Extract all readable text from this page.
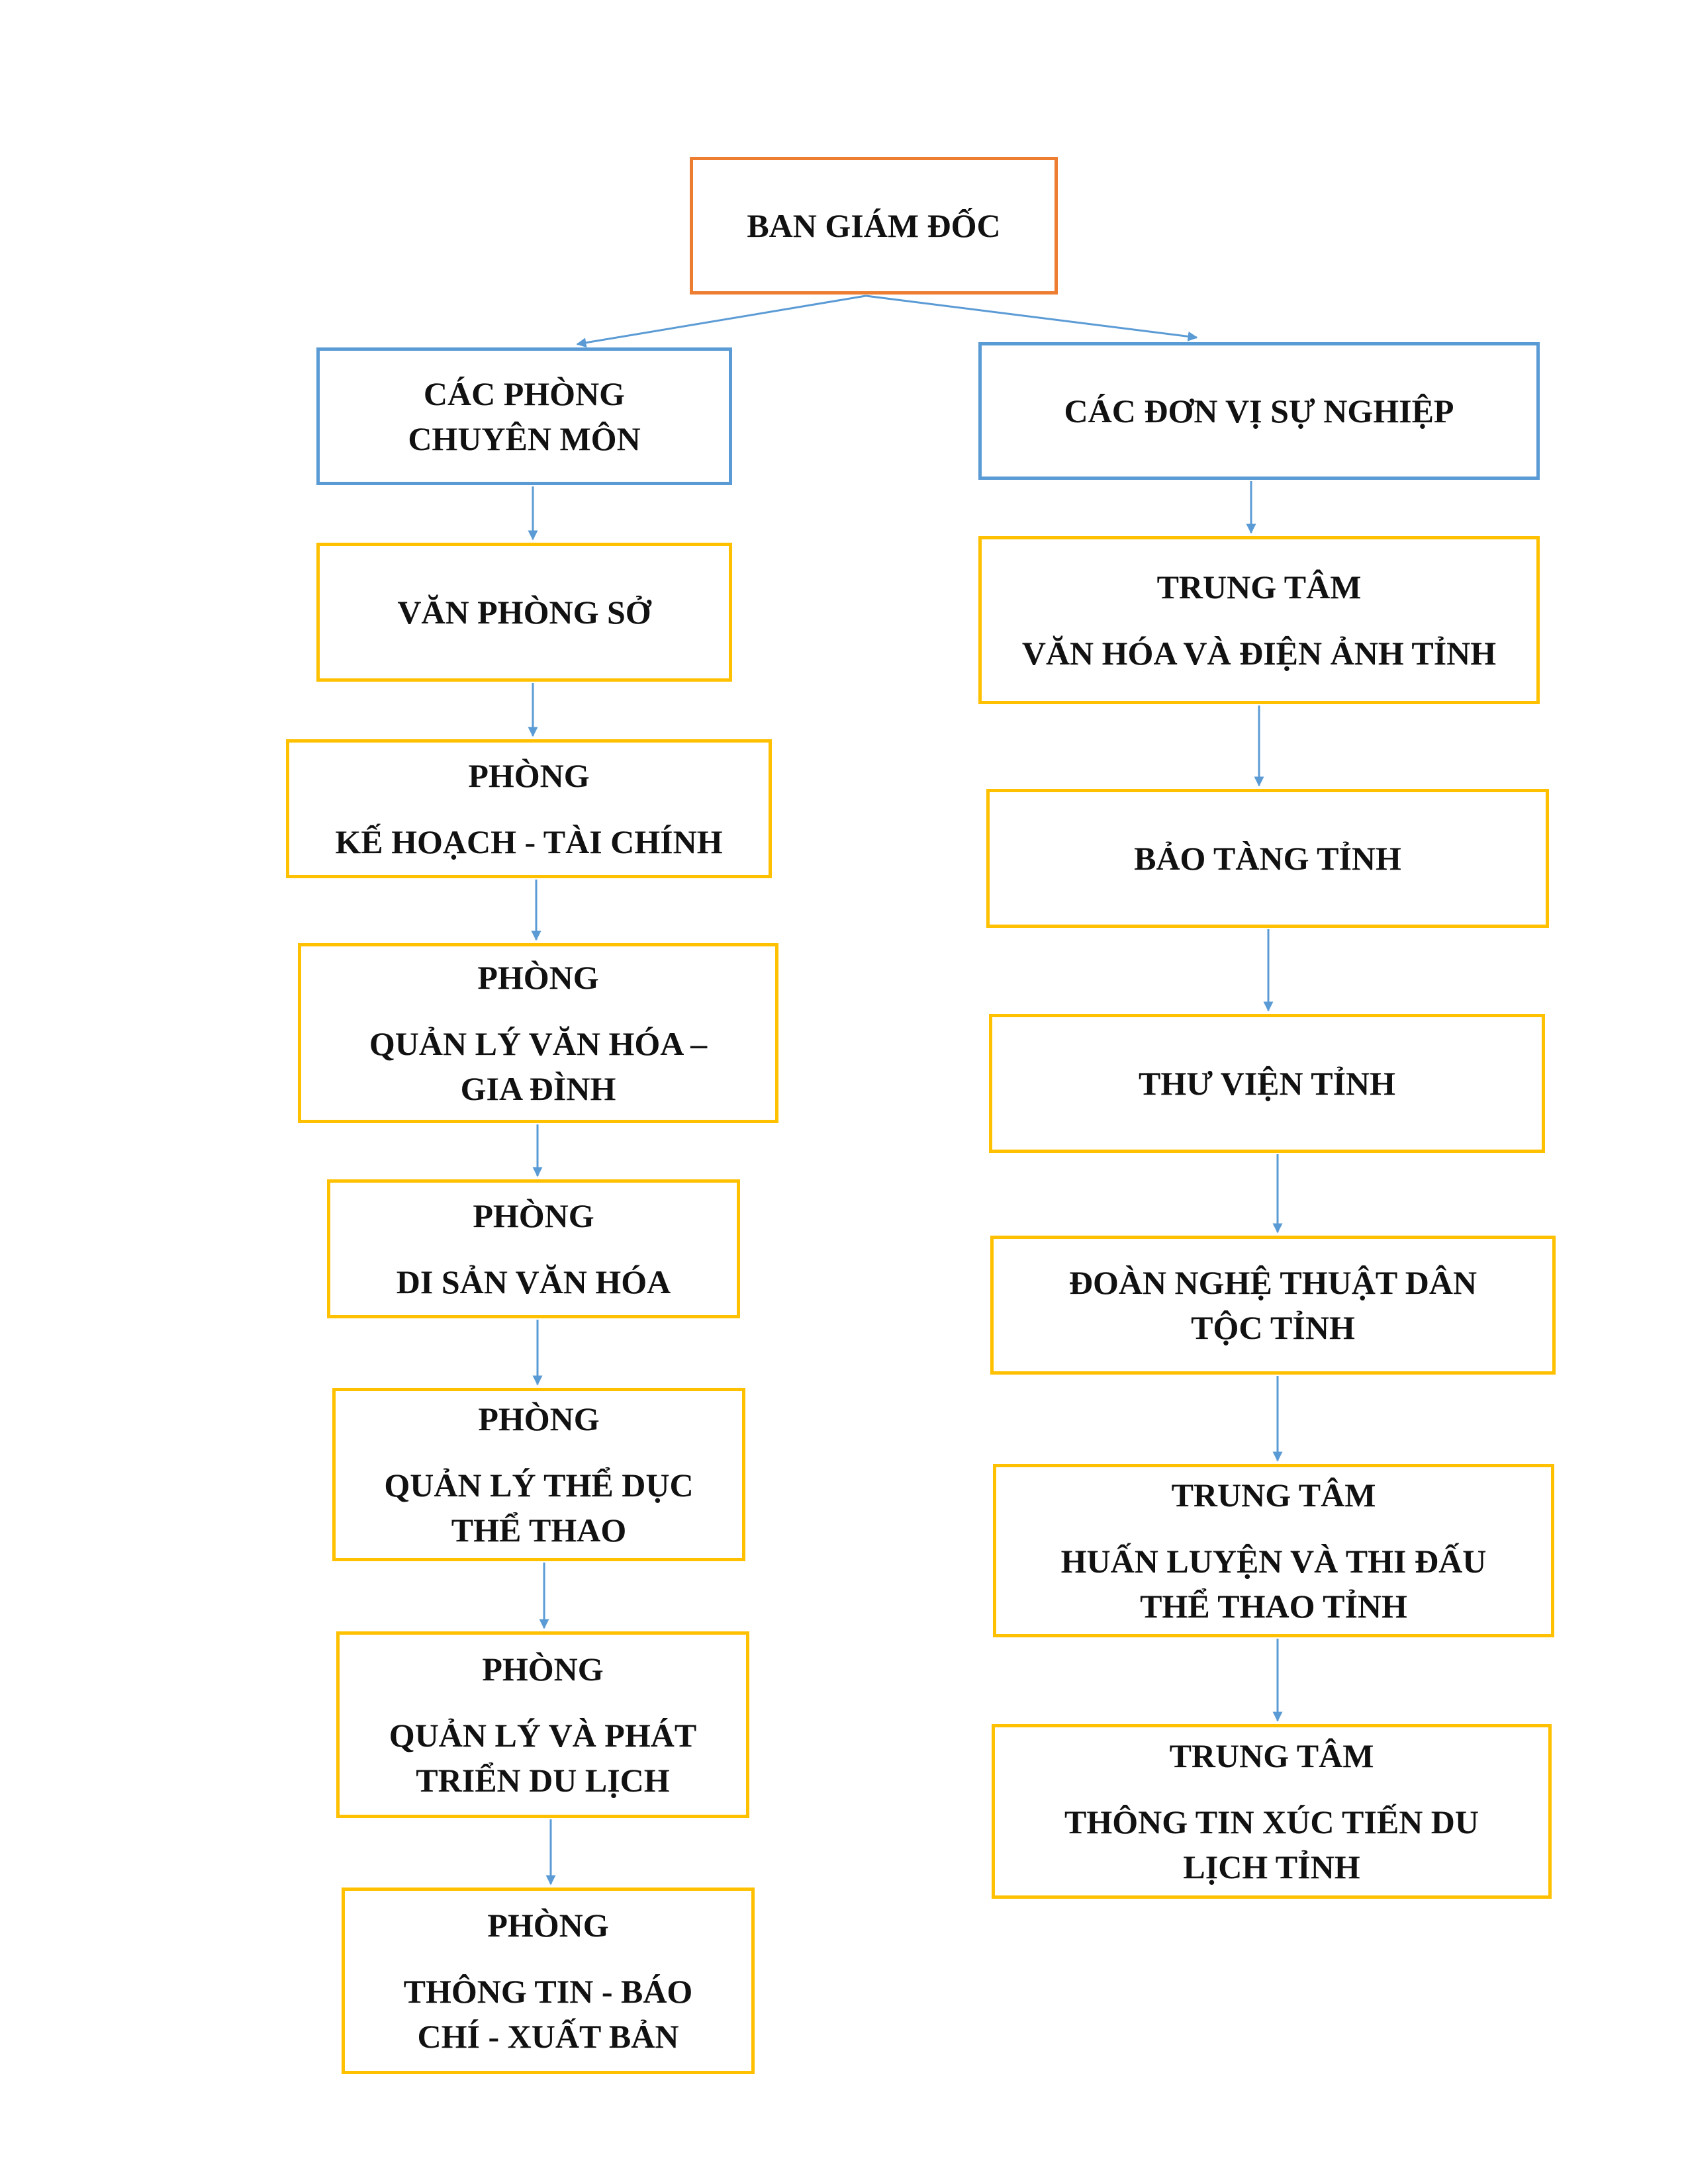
BAN GIÁM ĐỐC
CÁC PHÒNG
CHUYÊN MÔN
CÁC ĐƠN VỊ SỰ NGHIỆP
VĂN PHÒNG SỞ
PHÒNG
KẾ HOẠCH - TÀI CHÍNH
PHÒNG
QUẢN LÝ VĂN HÓA –
GIA ĐÌNH
PHÒNG
DI SẢN VĂN HÓA
PHÒNG
QUẢN LÝ THỂ DỤC
THỂ THAO
PHÒNG
QUẢN LÝ VÀ PHÁT
TRIỂN DU LỊCH
PHÒNG
THÔNG TIN - BÁO
CHÍ - XUẤT BẢN
TRUNG TÂM
VĂN HÓA VÀ ĐIỆN ẢNH TỈNH
BẢO TÀNG TỈNH
THƯ VIỆN TỈNH
ĐOÀN NGHỆ THUẬT DÂN
TỘC TỈNH
TRUNG TÂM
HUẤN LUYỆN VÀ THI ĐẤU
THỂ THAO TỈNH
TRUNG TÂM
THÔNG TIN XÚC TIẾN DU
LỊCH TỈNH
